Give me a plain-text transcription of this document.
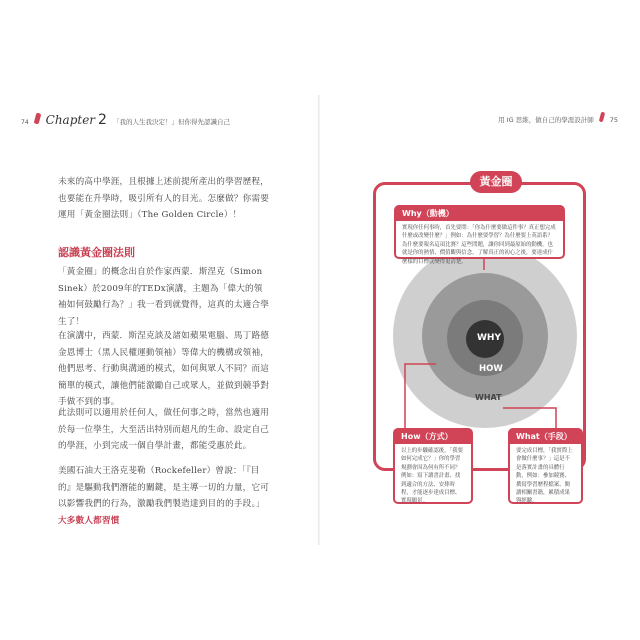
74 Chapter 2 「我的人生我決定！」但你得先認識自己	用 IG 思維，做自己的學涯設計師 75
未來的高中學涯，且根據上述前提所產出的學習歷程，也要能在升學時，吸引所有人的目光。怎麼做？你需要運用「黃金圈法則」（The Golden Circle）！
認識黃金圈法則
「黃金圈」的概念出自於作家西蒙．斯涅克（Simon Sinek）於2009年的TEDx演講，主題為「偉大的領袖如何鼓勵行為？」我一看到就覺得，這真的太適合學生了！
在演講中，西蒙．斯涅克談及諸如蘋果電腦、馬丁路德金恩博士（黑人民權運動領袖）等偉大的機構或領袖，他們思考、行動與溝通的模式，如何與眾人不同？而這簡單的模式，讓他們能激勵自己或眾人，並做到競爭對手做不到的事。
此法則可以適用於任何人，做任何事之時，當然也適用於每一位學生，大至活出特別而超凡的生命、設定自己的學涯，小到完成一個自學計畫，都能受惠於此。
美國石油大王洛克斐勒（Rockefeller）曾說：「『目的』是驅動我們潛能的關鍵，是主導一切的力量，它可以影響我們的行為，激勵我們製造達到目的的手段。」大多數人都習慣
WHY
HOW
WHAT
黃金圈
Why（動機）
實現你任何事時，首先要問：「你為什麼要做這件事？真正想完成什麼或改變什麼？」例如：為什麼要學習？為什麼要上英語系？為什麼要報名這項比賽？這些問題，讓你回到最原始的動機，也就是你的熱情、價值觀與信念，了解真正的初心之後，要達成什麼樣的目標就變得更清楚。
How（方式）
以上的步驟確認後，「我要如何完成它？」你的學習規劃會因為何有所不同？例如：寫下讀書計畫、找到適合的方法、安排時程，才能逐步達成目標、實現願景。
What（手段）
要完成目標，「我實際上會做什麼事？」這是不是落實計畫的具體行動，例如：參加競賽、撰寫學習歷程檔案、閱讀相關書籍，累積成果與經驗。
